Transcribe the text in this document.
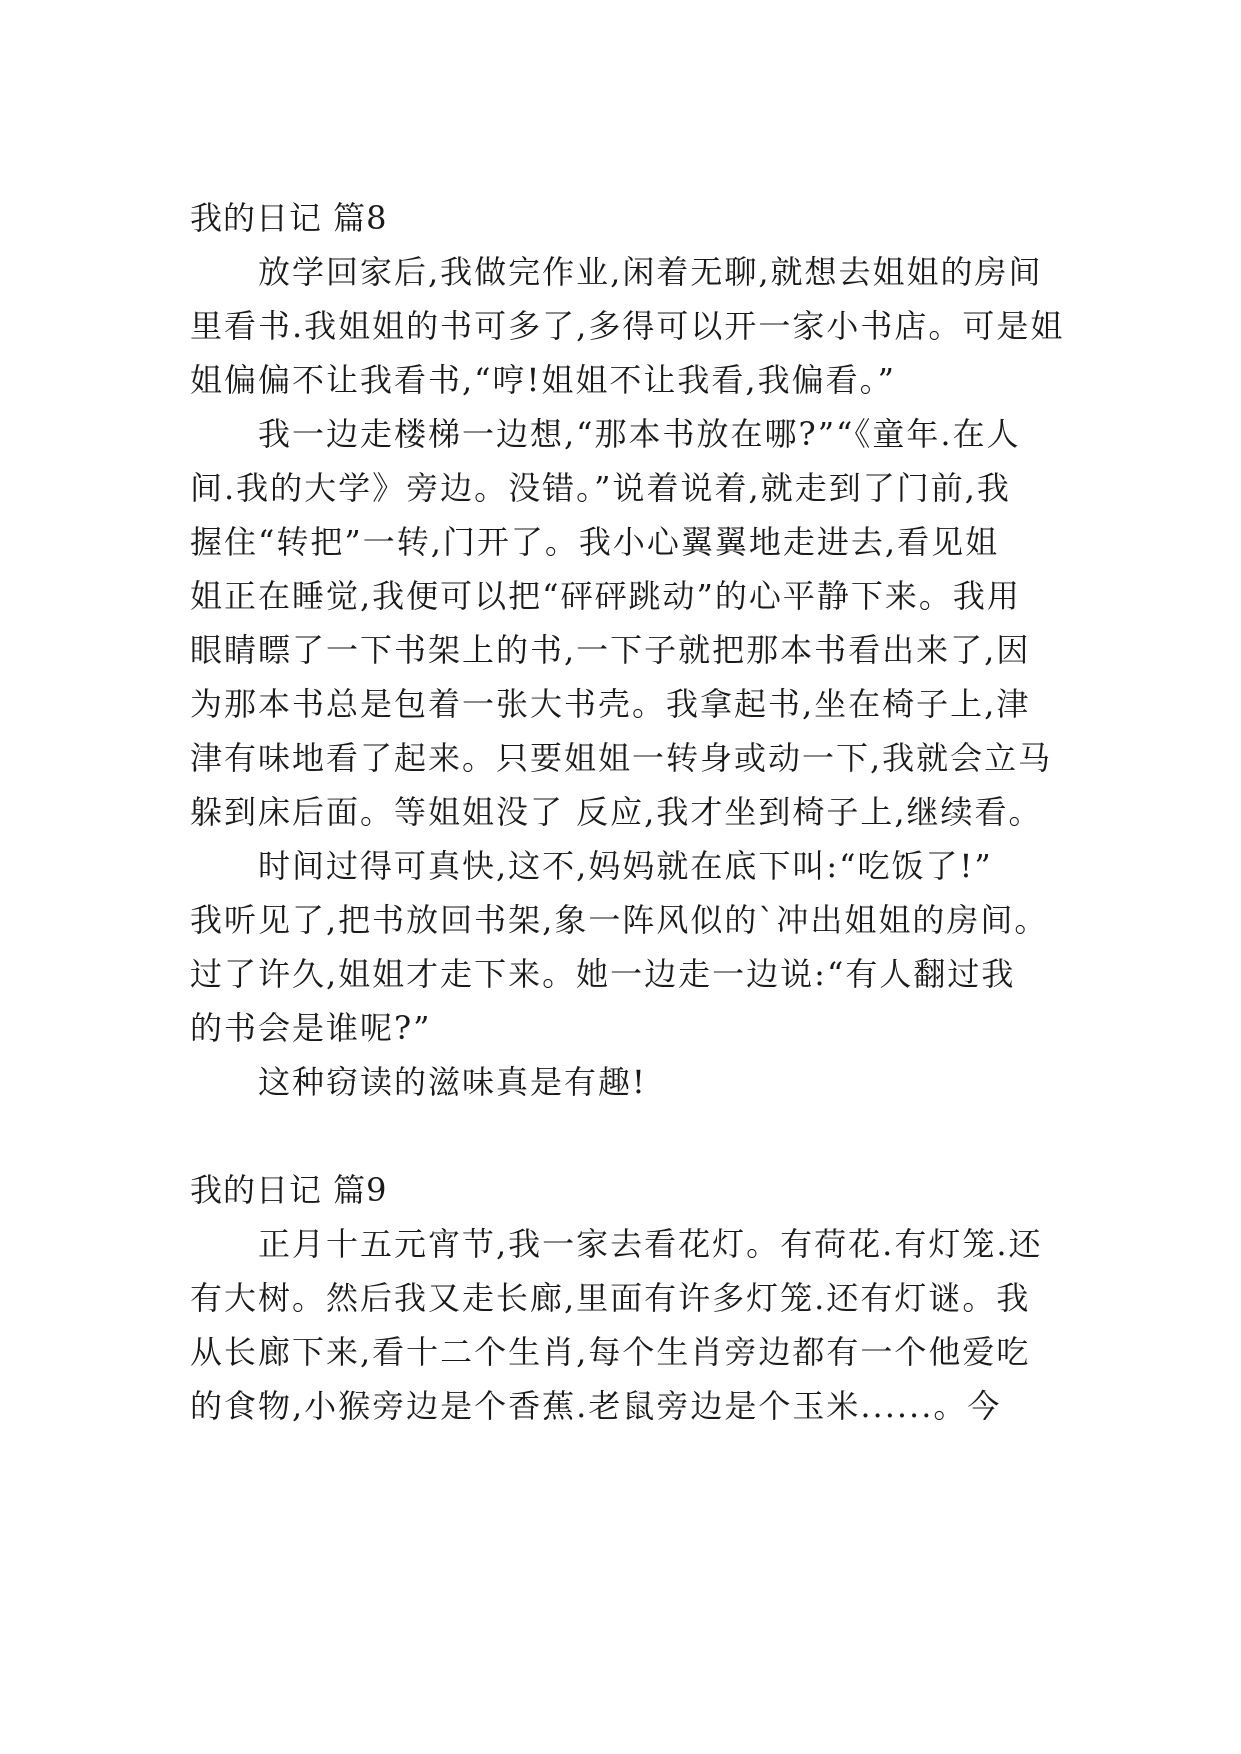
我的日记 篇8
放学回家后,我做完作业,闲着无聊,就想去姐姐的房间
里看书.我姐姐的书可多了,多得可以开一家小书店。可是姐
姐偏偏不让我看书,“哼!姐姐不让我看,我偏看。”
我一边走楼梯一边想,“那本书放在哪?”“《童年.在人
间.我的大学》旁边。没错。”说着说着,就走到了门前,我
握住“转把”一转,门开了。我小心翼翼地走进去,看见姐
姐正在睡觉,我便可以把“砰砰跳动”的心平静下来。我用
眼睛瞟了一下书架上的书,一下子就把那本书看出来了,因
为那本书总是包着一张大书壳。我拿起书,坐在椅子上,津
津有味地看了起来。只要姐姐一转身或动一下,我就会立马
躲到床后面。等姐姐没了 反应,我才坐到椅子上,继续看。
时间过得可真快,这不,妈妈就在底下叫:“吃饭了!”
我听见了,把书放回书架,象一阵风似的`冲出姐姐的房间。
过了许久,姐姐才走下来。她一边走一边说:“有人翻过我
的书会是谁呢?”
这种窃读的滋味真是有趣!
我的日记 篇9
正月十五元宵节,我一家去看花灯。有荷花.有灯笼.还
有大树。然后我又走长廊,里面有许多灯笼.还有灯谜。我
从长廊下来,看十二个生肖,每个生肖旁边都有一个他爱吃
的食物,小猴旁边是个香蕉.老鼠旁边是个玉米......。今
